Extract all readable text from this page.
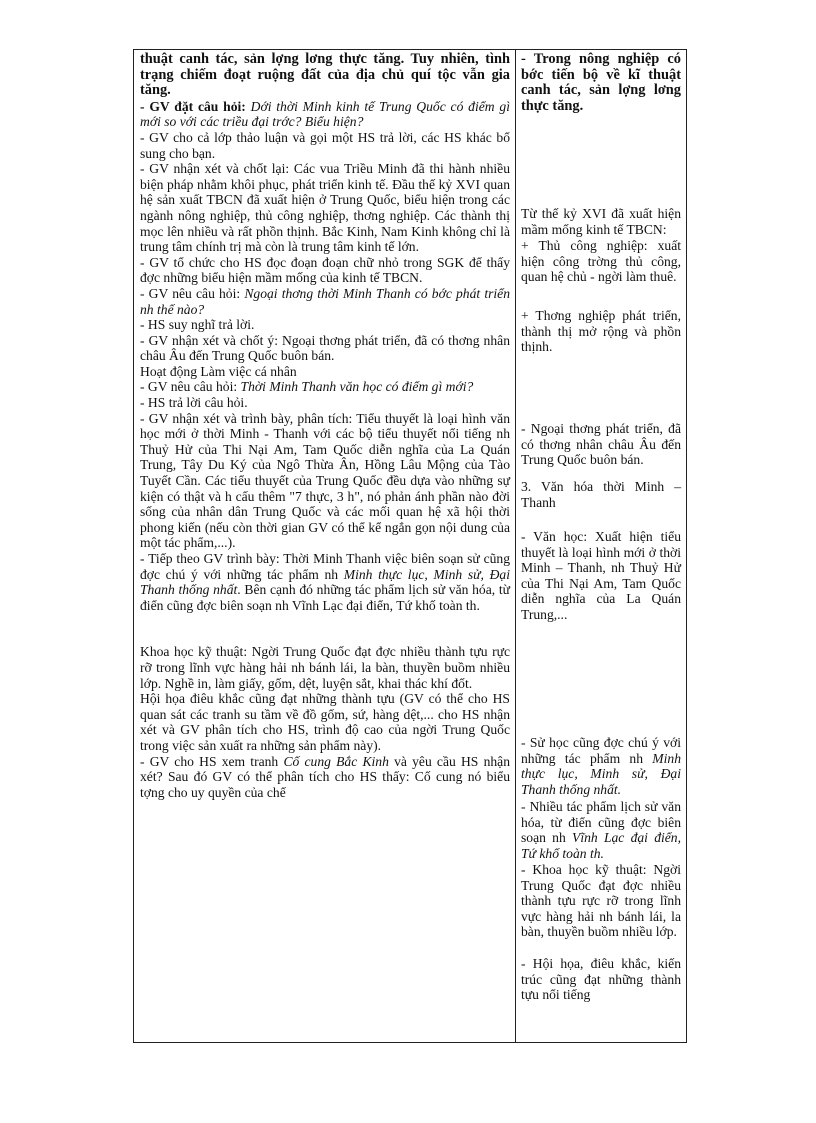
thuật canh tác, sản lợng lơng thực tăng. Tuy nhiên, tình trạng chiếm đoạt ruộng đất của địa chủ quí tộc vẫn gia tăng.

- GV đặt câu hỏi: Dới thời Minh kinh tế Trung Quốc có điểm gì mới so với các triều đại trớc? Biểu hiện?

- GV cho cả lớp thảo luận và gọi một HS trả lời, các HS khác bổ sung cho bạn.

- GV nhận xét và chốt lại: Các vua Triều Minh đã thi hành nhiều biện pháp nhằm khôi phục, phát triển kinh tế. Đầu thế kỷ XVI quan hệ sản xuất TBCN đã xuất hiện ở Trung Quốc, biểu hiện trong các ngành nông nghiệp, thủ công nghiệp, thơng nghiệp. Các thành thị mọc lên nhiều và rất phồn thịnh. Bắc Kinh, Nam Kinh không chỉ là trung tâm chính trị mà còn là trung tâm kinh tế lớn.

- GV tổ chức cho HS đọc đoạn đoạn chữ nhỏ trong SGK để thấy đợc những biểu hiện mầm mống của kinh tế TBCN.

- GV nêu câu hỏi: Ngoại thơng thời Minh Thanh có bớc phát triển nh thế nào?

- HS suy nghĩ trả lời.

- GV nhận xét và chốt ý: Ngoại thơng phát triển, đã có thơng nhân châu Âu đến Trung Quốc buôn bán.

Hoạt động Làm việc cá nhân

- GV nêu câu hỏi: Thời Minh Thanh văn học có điểm gì mới?

- HS trả lời câu hỏi.

- GV nhận xét và trình bày, phân tích: Tiểu thuyết là loại hình văn học mới ở thời Minh - Thanh với các bộ tiểu thuyết nổi tiếng nh Thuỷ Hử của Thi Nại Am, Tam Quốc diễn nghĩa của La Quán Trung, Tây Du Ký của Ngô Thừa Ân, Hồng Lâu Mộng của Tào Tuyết Cần. Các tiểu thuyết của Trung Quốc đều dựa vào những sự kiện có thật và h cấu thêm "7 thực, 3 h", nó phản ánh phần nào đời sống của nhân dân Trung Quốc và các mối quan hệ xã hội thời phong kiến (nếu còn thời gian GV có thể kể ngắn gọn nội dung của một tác phẩm,...).

- Tiếp theo GV trình bày: Thời Minh Thanh việc biên soạn sử cũng đợc chú ý với những tác phẩm nh Minh thực lục, Minh sử, Đại Thanh thống nhất. Bên cạnh đó những tác phẩm lịch sử văn hóa, từ điển cũng đợc biên soạn nh Vĩnh Lạc đại điển, Tứ khố toàn th.

Khoa học kỹ thuật: Ngời Trung Quốc đạt đợc nhiều thành tựu rực rỡ trong lĩnh vực hàng hải nh bánh lái, la bàn, thuyền buồm nhiều lớp. Nghề in, làm giấy, gốm, dệt, luyện sắt, khai thác khí đốt.

Hội họa điêu khắc cũng đạt những thành tựu (GV có thể cho HS quan sát các tranh su tầm về đồ gốm, sứ, hàng dệt,... cho HS nhận xét và GV phân tích cho HS, trình độ cao của ngời Trung Quốc trong việc sản xuất ra những sản phẩm này).

- GV cho HS xem tranh Cố cung Bắc Kinh và yêu cầu HS nhận xét? Sau đó GV có thể phân tích cho HS thấy: Cố cung nó biểu tợng cho uy quyền của chế

- Trong nông nghiệp có bớc tiến bộ về kĩ thuật canh tác, sản lợng lơng thực tăng.

Từ thế kỷ XVI đã xuất hiện mầm mống kinh tế TBCN:

+ Thủ công nghiệp: xuất hiện công trờng thủ công, quan hệ chủ - ngời làm thuê.

+ Thơng nghiệp phát triển, thành thị mở rộng và phồn thịnh.

- Ngoại thơng phát triển, đã có thơng nhân châu Âu đến Trung Quốc buôn bán.

3. Văn hóa thời Minh – Thanh

- Văn học: Xuất hiện tiểu thuyết là loại hình mới ở thời Minh – Thanh, nh Thuỷ Hử của Thi Nại Am, Tam Quốc diễn nghĩa của La Quán Trung,...

- Sử học cũng đợc chú ý với những tác phẩm nh Minh thực lục, Minh sử, Đại Thanh thống nhất.

- Nhiều tác phẩm lịch sử văn hóa, từ điển cũng đợc biên soạn nh Vĩnh Lạc đại điển, Tứ khố toàn th.

- Khoa học kỹ thuật: Ngời Trung Quốc đạt đợc nhiều thành tựu rực rỡ trong lĩnh vực hàng hải nh bánh lái, la bàn, thuyền buồm nhiều lớp.

- Hội họa, điêu khắc, kiến trúc cũng đạt những thành tựu nổi tiếng
